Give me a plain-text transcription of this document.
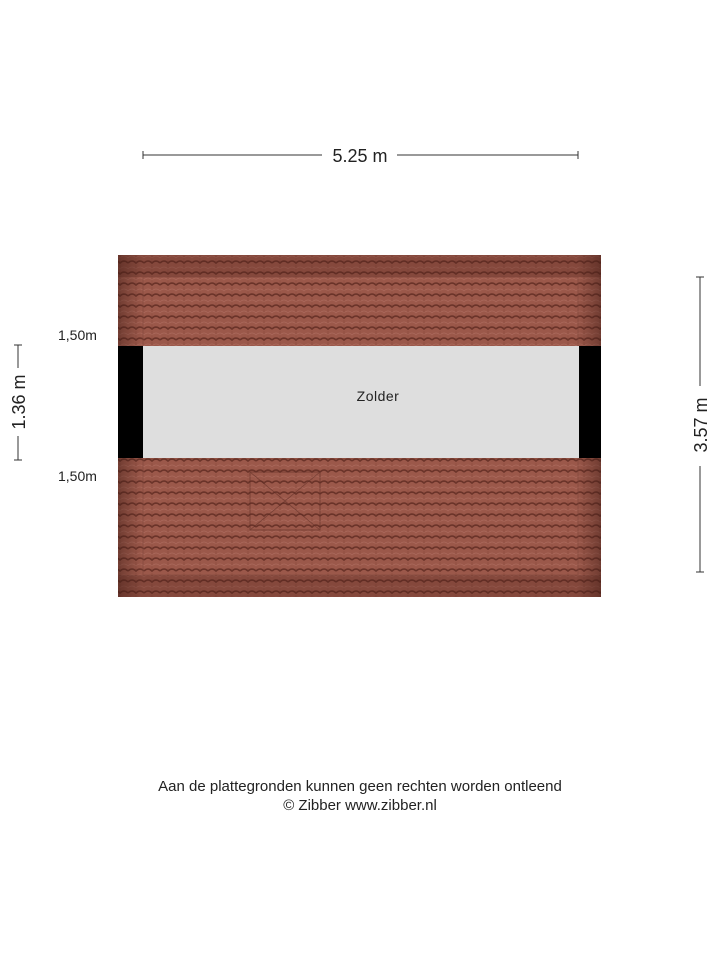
5.25 m
3.57 m
1.36 m
1,50m
1,50m
Zolder
Aan de plattegronden kunnen geen rechten worden ontleend
© Zibber www.zibber.nl
